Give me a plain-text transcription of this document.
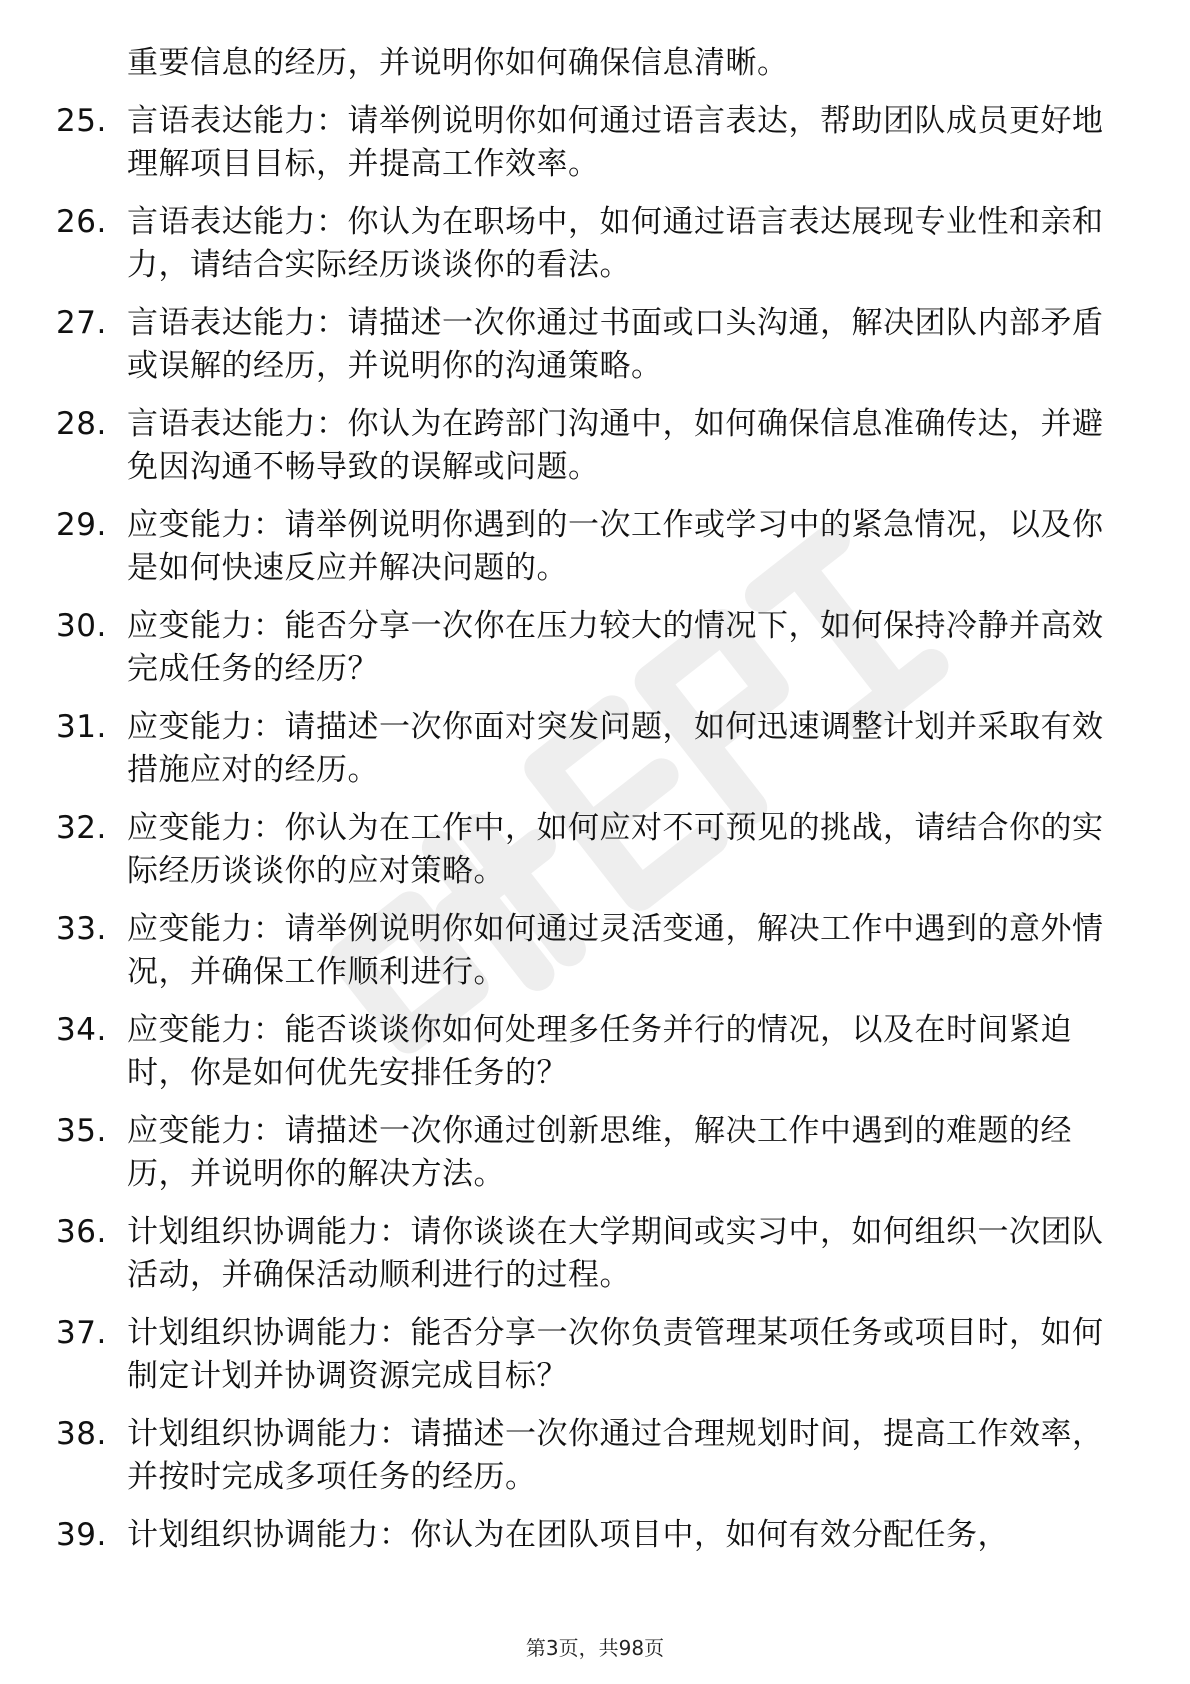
重要信息的经历，并说明你如何确保信息清晰。
25. 言语表达能力：请举例说明你如何通过语言表达，帮助团队成员更好地理解项目目标，并提高工作效率。
26. 言语表达能力：你认为在职场中，如何通过语言表达展现专业性和亲和力，请结合实际经历谈谈你的看法。
27. 言语表达能力：请描述一次你通过书面或口头沟通，解决团队内部矛盾或误解的经历，并说明你的沟通策略。
28. 言语表达能力：你认为在跨部门沟通中，如何确保信息准确传达，并避免因沟通不畅导致的误解或问题。
29. 应变能力：请举例说明你遇到的一次工作或学习中的紧急情况，以及你是如何快速反应并解决问题的。
30. 应变能力：能否分享一次你在压力较大的情况下，如何保持冷静并高效完成任务的经历？
31. 应变能力：请描述一次你面对突发问题，如何迅速调整计划并采取有效措施应对的经历。
32. 应变能力：你认为在工作中，如何应对不可预见的挑战，请结合你的实际经历谈谈你的应对策略。
33. 应变能力：请举例说明你如何通过灵活变通，解决工作中遇到的意外情况，并确保工作顺利进行。
34. 应变能力：能否谈谈你如何处理多任务并行的情况，以及在时间紧迫时，你是如何优先安排任务的？
35. 应变能力：请描述一次你通过创新思维，解决工作中遇到的难题的经历，并说明你的解决方法。
36. 计划组织协调能力：请你谈谈在大学期间或实习中，如何组织一次团队活动，并确保活动顺利进行的过程。
37. 计划组织协调能力：能否分享一次你负责管理某项任务或项目时，如何制定计划并协调资源完成目标？
38. 计划组织协调能力：请描述一次你通过合理规划时间，提高工作效率，并按时完成多项任务的经历。
39. 计划组织协调能力：你认为在团队项目中，如何有效分配任务，
第3页，共98页
